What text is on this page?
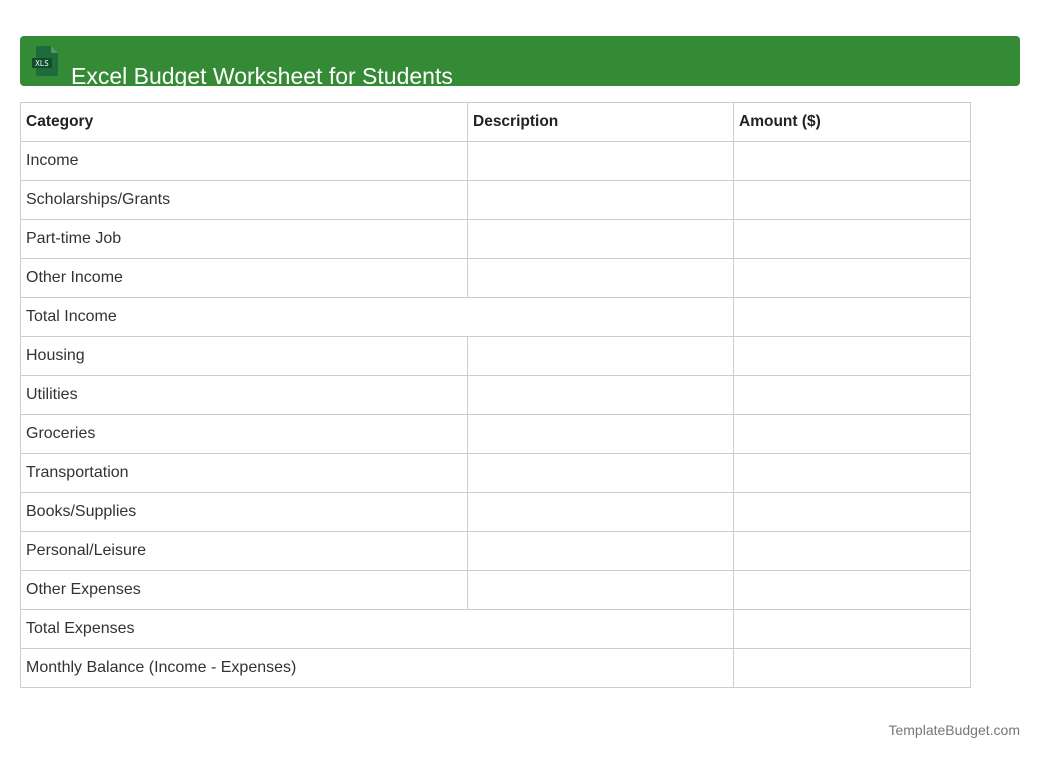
XLS Excel Budget Worksheet for Students
Category	Description	Amount ($)
Income		
Scholarships/Grants		
Part-time Job		
Other Income		
Total Income		
Housing		
Utilities		
Groceries		
Transportation		
Books/Supplies		
Personal/Leisure		
Other Expenses		
Total Expenses		
Monthly Balance (Income - Expenses)		
TemplateBudget.com
